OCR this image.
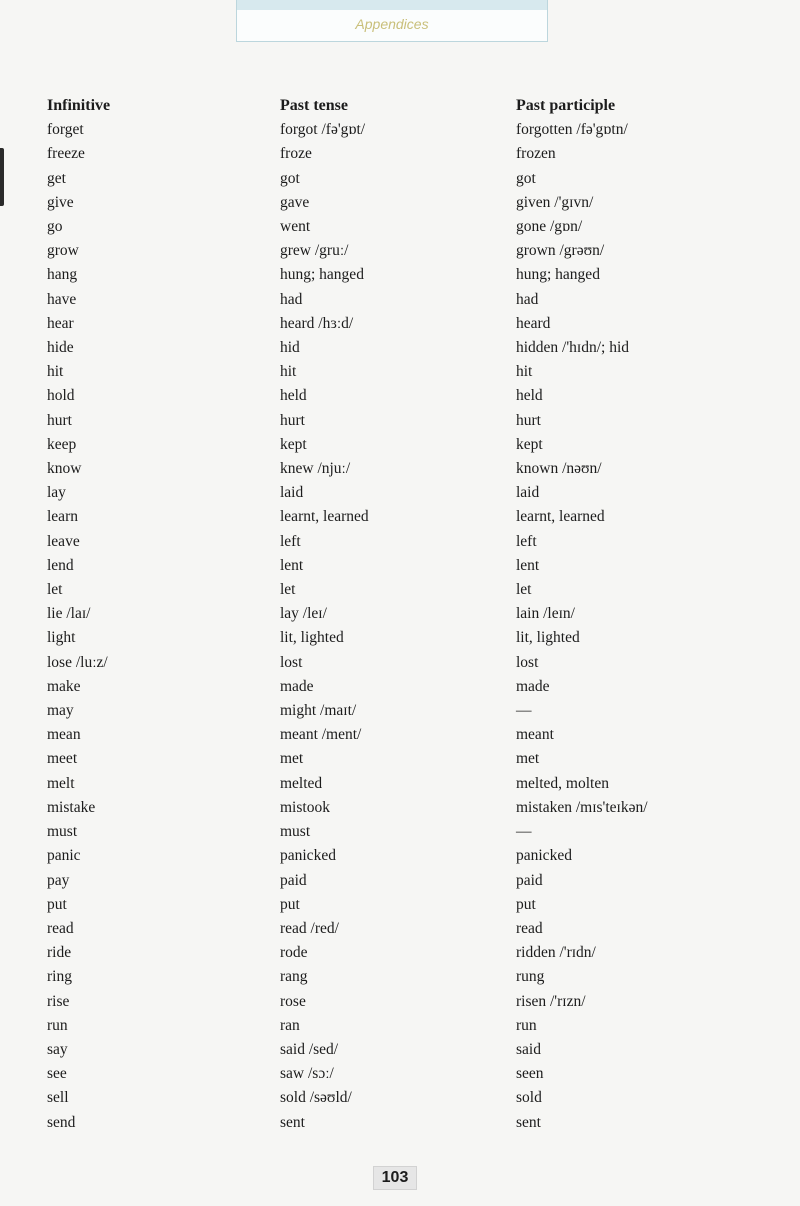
Appendices
Infinitive	Past tense	Past participle
forget	forgot /fə'gɒt/	forgotten /fə'gɒtn/
freeze	froze	frozen
get	got	got
give	gave	given /'gɪvn/
go	went	gone /gɒn/
grow	grew /gruː/	grown /grəʊn/
hang	hung; hanged	hung; hanged
have	had	had
hear	heard /hɜːd/	heard
hide	hid	hidden /'hɪdn/; hid
hit	hit	hit
hold	held	held
hurt	hurt	hurt
keep	kept	kept
know	knew /njuː/	known /nəʊn/
lay	laid	laid
learn	learnt, learned	learnt, learned
leave	left	left
lend	lent	lent
let	let	let
lie /laɪ/	lay /leɪ/	lain /leɪn/
light	lit, lighted	lit, lighted
lose /luːz/	lost	lost
make	made	made
may	might /maɪt/	—
mean	meant /ment/	meant
meet	met	met
melt	melted	melted, molten
mistake	mistook	mistaken /mɪs'teɪkən/
must	must	—
panic	panicked	panicked
pay	paid	paid
put	put	put
read	read /red/	read
ride	rode	ridden /'rɪdn/
ring	rang	rung
rise	rose	risen /'rɪzn/
run	ran	run
say	said /sed/	said
see	saw /sɔː/	seen
sell	sold /səʊld/	sold
send	sent	sent
103
